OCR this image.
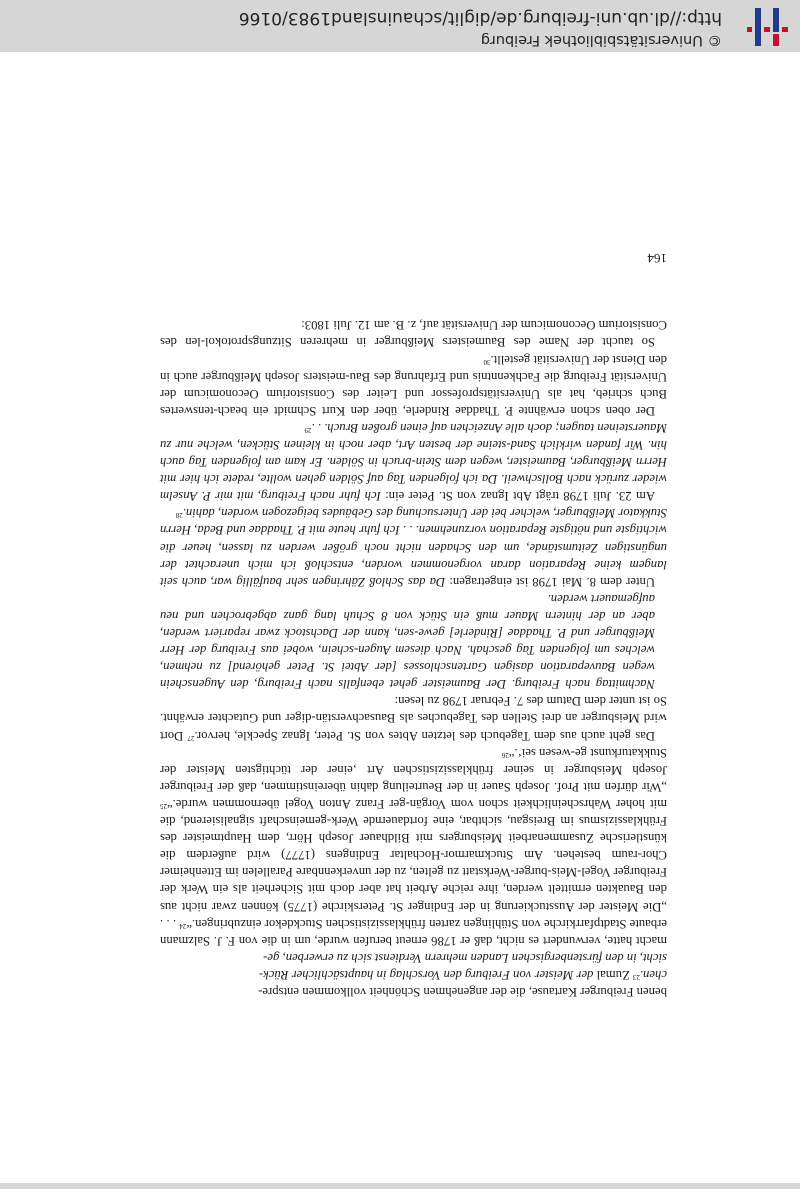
© Universitätsbibliothek Freiburg
http://dl.ub.uni-freiburg.de/diglit/schauinsland1983/0166

benen Freiburger Kartause, die der angenehmen Schönheit vollkommen entspre-

chen.$^{23}$ Zumal der Meister von Freiburg den Vorschlag in hauptsächlicher Rück-

sicht, in den fürstenbergischen Landen mehrern Verdienst sich zu erwerben, ge-

macht hatte, verwundert es nicht, daß er 1786 erneut berufen wurde, um in die von F. J. Salzmann erbaute Stadtpfarrkirche von Stühlingen zarten frühklassizistischen Stuckdekor einzubringen.“$^{24}$ . . . „Die Meister der Ausstuckierung in der Endinger St. Peterskirche (1775) können zwar nicht aus den Bauakten ermittelt werden, ihre reiche Arbeit hat aber doch mit Sicherheit als ein Werk der Freiburger Vogel-Meis-burger-Werkstatt zu gelten, zu der unverkennbare Parallelen im Ettenheimer Chor-raum bestehen. Am Stuckmarmor-Hochaltar Endingens (1777) wird außerdem die künstlerische Zusammenarbeit Meisburgers mit Bildhauer Joseph Hörr, dem Hauptmeister des Frühklassizismus im Breisgau, sichtbar, eine fortdauernde Werk-gemeinschaft signalisierend, die mit hoher Wahrscheinlichkeit schon vom Vorgän-ger Franz Anton Vogel übernommen wurde.“$^{25}$ „Wir dürfen mit Prof. Joseph Sauer in der Beurteilung dahin übereinstimmen, daß der Freiburger Joseph Meisburger in seiner frühklassizistischen Art ‚einer der tüchtigsten Meister der Stukkaturkunst ge-wesen sei‘.“$^{26}$

Das geht auch aus dem Tagebuch des letzten Abtes von St. Peter, Ignaz Speckle, hervor.$^{27}$ Dort wird Meisburger an drei Stellen des Tagebuches als Bausachverstän-diger und Gutachter erwähnt. So ist unter dem Datum des 7. Februar 1798 zu lesen:

Nachmittag nach Freiburg. Der Baumeister gehet ebenfalls nach Freiburg, den Augenschein wegen Bauveparation dasigen Gartenschlosses [der Abtei St. Peter gehörend] zu nehmen, welches um folgenden Tag geschah. Nach diesem Augen-schein, wobei aus Freiburg der Herr Meißburger und P. Thaddae [Rinderle] gewe-sen, kann der Dachstock zwar repariert werden, aber an der hintern Mauer muß ein Stück von 8 Schuh lang ganz abgebrochen und neu aufgemauert werden.

Unter dem 8. Mai 1798 ist eingetragen: Da das Schloß Zähringen sehr baufällig war, auch seit langem keine Reparation daran vorgenommen worden, entschloß ich mich unerachtet der ungünstigen Zeitumstände, um den Schaden nicht noch größer werden zu lassen, heuer die wichtigste und nötigste Reparation vorzunehmen. . . Ich fuhr heute mit P. Thaddae und Beda, Herrn Stukkator Meißburger, welcher bei der Untersuchung des Gebäudes beigezogen worden, dahin.$^{28}$

Am 23. Juli 1798 trägt Abt Ignaz von St. Peter ein: Ich fuhr nach Freiburg, mit mir P. Anselm wieder zurück nach Bollschweil. Da ich folgenden Tag auf Sölden gehen wollte, redete ich hier mit Herrn Meißburger, Baumeister, wegen dem Stein-bruch in Sölden. Er kam am folgenden Tag auch hin. Wir fanden wirklich Sand-steine der besten Art, aber noch in kleinen Stücken, welche nur zu Mauersteinen taugen; doch alle Anzeichen auf einen großen Bruch. . .$^{29}$

Der oben schon erwähnte P. Thaddae Rinderle, über den Kurt Schmidt ein beach-tenswertes Buch schrieb, hat als Universitätsprofessor und Leiter des Consistorium Oeconomicum der Universität Freiburg die Fachkenntnis und Erfahrung des Bau-meisters Joseph Meißburger auch in den Dienst der Universität gestellt.$^{30}$

So taucht der Name des Baumeisters Meißburger in mehreren Sitzungsprotokol-len des Consistorium Oeconomicum der Universität auf, z. B. am 12. Juli 1803:

164
